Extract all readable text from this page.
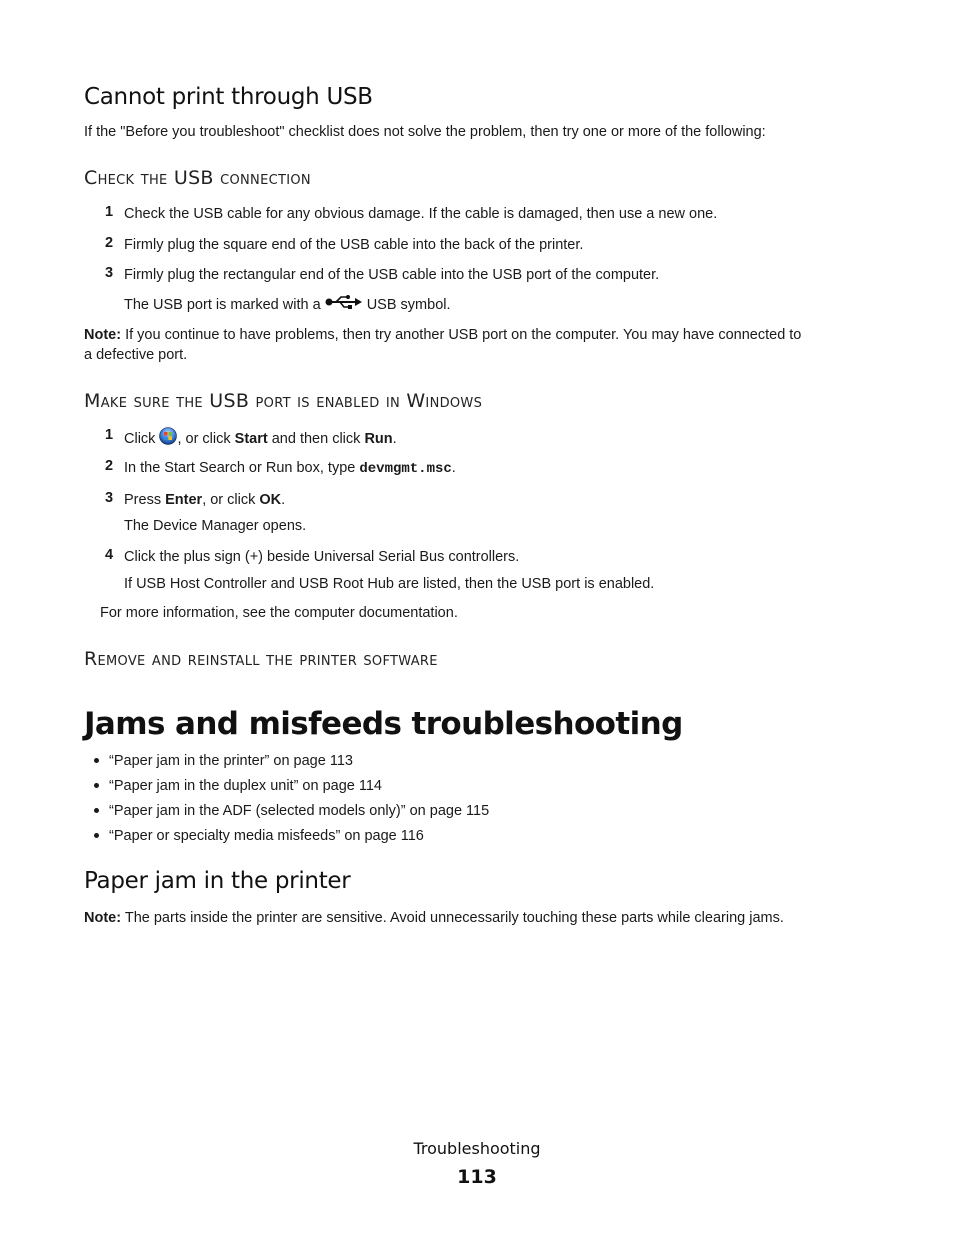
Cannot print through USB
If the "Before you troubleshoot" checklist does not solve the problem, then try one or more of the following:
Check the USB connection
1 Check the USB cable for any obvious damage. If the cable is damaged, then use a new one.
2 Firmly plug the square end of the USB cable into the back of the printer.
3 Firmly plug the rectangular end of the USB cable into the USB port of the computer.
The USB port is marked with a	USB symbol.
Note: If you continue to have problems, then try another USB port on the computer. You may have connected to
a defective port.
Make sure the USB port is enabled in Windows
1 Click , or click Start and then click Run.
2 In the Start Search or Run box, type devmgmt.msc.
3 Press Enter, or click OK.
The Device Manager opens.
4 Click the plus sign (+) beside Universal Serial Bus controllers.
If USB Host Controller and USB Root Hub are listed, then the USB port is enabled.
For more information, see the computer documentation.
Remove and reinstall the printer software
Jams and misfeeds troubleshooting
“Paper jam in the printer” on page 113
“Paper jam in the duplex unit” on page 114
“Paper jam in the ADF (selected models only)” on page 115
“Paper or specialty media misfeeds” on page 116
Paper jam in the printer
Note: The parts inside the printer are sensitive. Avoid unnecessarily touching these parts while clearing jams.
Troubleshooting
113
